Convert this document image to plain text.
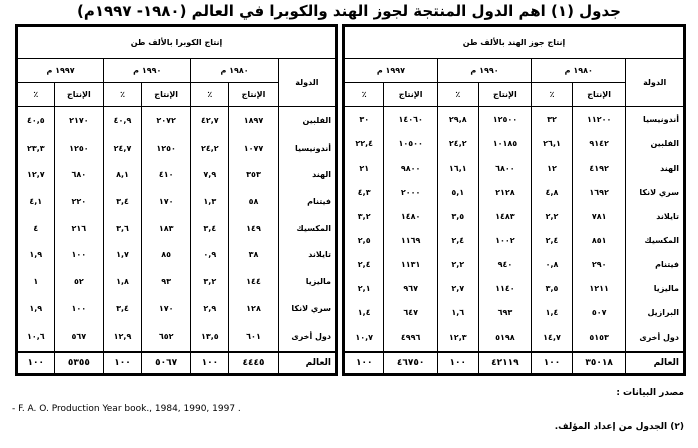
جدول (١) اهم الدول المنتجة لجوز الهند والكوبرا في العالم (١٩٨٠- ١٩٩٧م)
إنتاج جوز الهند بالألف طن						
الدولة	١٩٨٠ م		١٩٩٠ م		١٩٩٧ م	
	الإنتاج	٪	الإنتاج	٪	الإنتاج	٪
أندونيسيا	١١٢٠٠	٣٢	١٢٥٠٠	٢٩,٨	١٤٠٦٠	٣٠
الفلبين	٩١٤٢	٢٦,١	١٠١٨٥	٢٤,٢	١٠٥٠٠	٢٢,٤
الهند	٤١٩٢	١٢	٦٨٠٠	١٦,١	٩٨٠٠	٢١
سري لانكا	١٦٩٢	٤,٨	٢١٢٨	٥,١	٢٠٠٠	٤,٣
تايلاند	٧٨١	٢,٢	١٤٨٣	٣,٥	١٤٨٠	٣,٢
المكسيك	٨٥١	٢,٤	١٠٠٢	٢,٤	١١٦٩	٢,٥
فيتنام	٢٩٠	٠,٨	٩٤٠	٢,٢	١١٣١	٢,٤
ماليزيا	١٢١١	٣,٥	١١٤٠	٢,٧	٩٦٧	٢,١
البرازيل	٥٠٧	١,٤	٦٩٣	١,٦	٦٤٧	١,٤
دول أخرى	٥١٥٣	١٤,٧	٥١٩٨	١٢,٣	٤٩٩٦	١٠,٧
العالم	٣٥٠١٨	١٠٠	٤٢١١٩	١٠٠	٤٦٧٥٠	١٠٠
إنتاج الكوبرا بالألف طن						
الدولة	١٩٨٠ م		١٩٩٠ م		١٩٩٧ م	
	الإنتاج	٪	الإنتاج	٪	الإنتاج	٪
الفلبين	١٨٩٧	٤٢,٧	٢٠٧٢	٤٠,٩	٢١٧٠	٤٠,٥
أندونيسيا	١٠٧٧	٢٤,٢	١٢٥٠	٢٤,٧	١٢٥٠	٢٣,٣
الهند	٣٥٣	٧,٩	٤١٠	٨,١	٦٨٠	١٢,٧
فيتنام	٥٨	١,٣	١٧٠	٣,٤	٢٢٠	٤,١
المكسيك	١٤٩	٣,٤	١٨٣	٣,٦	٢١٦	٤
تايلاند	٣٨	٠,٩	٨٥	١,٧	١٠٠	١,٩
ماليزيا	١٤٤	٣,٢	٩٣	١,٨	٥٢	١
سري لانكا	١٢٨	٢,٩	١٧٠	٣,٤	١٠٠	١,٩
دول أخرى	٦٠١	١٣,٥	٦٥٢	١٢,٩	٥٦٧	١٠,٦
العالم	٤٤٤٥	١٠٠	٥٠٦٧	١٠٠	٥٣٥٥	١٠٠
مصدر البيانات :
- F. A. O. Production Year book., 1984, 1990, 1997 .
(٢) الجدول من إعداد المؤلف.
